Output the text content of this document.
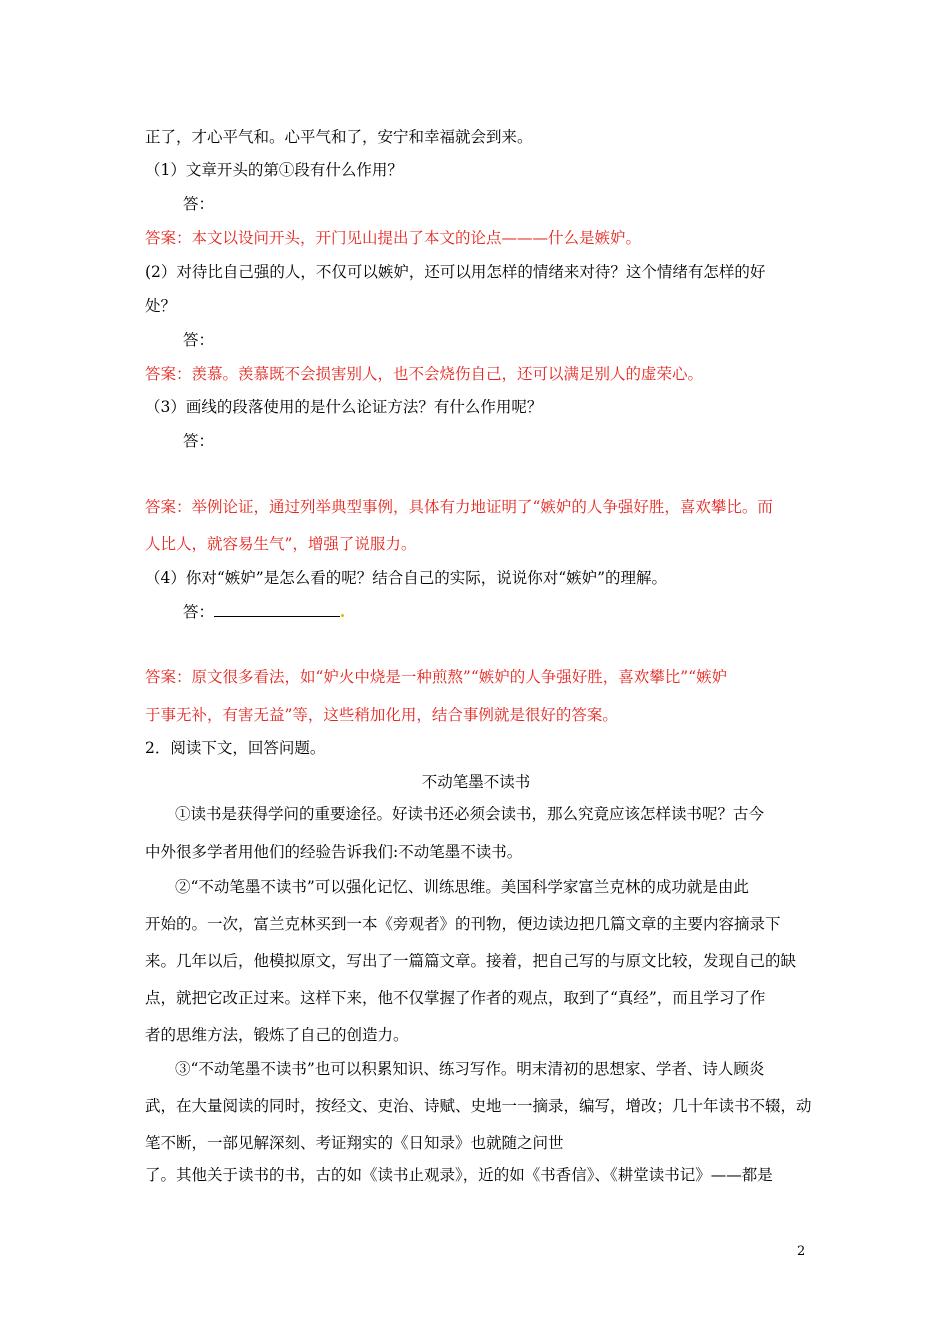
正了，才心平气和。心平气和了，安宁和幸福就会到来。
（1）文章开头的第①段有什么作用？
答：
答案：本文以设问开头，开门见山提出了本文的论点———什么是嫉妒。
(2）对待比自己强的人，不仅可以嫉妒，还可以用怎样的情绪来对待？这个情绪有怎样的好
处？
答：
答案：羡慕。羡慕既不会损害别人，也不会烧伤自己，还可以满足别人的虚荣心。
（3）画线的段落使用的是什么论证方法？有什么作用呢？
答：
答案：举例论证，通过列举典型事例，具体有力地证明了“嫉妒的人争强好胜，喜欢攀比。而
人比人，就容易生气”，增强了说服力。
（4）你对“嫉妒”是怎么看的呢？结合自己的实际，说说你对“嫉妒”的理解。
答：
答案：原文很多看法，如“妒火中烧是一种煎熬”“嫉妒的人争强好胜，喜欢攀比”“嫉妒
于事无补，有害无益”等，这些稍加化用，结合事例就是很好的答案。
2．阅读下文，回答问题。
不动笔墨不读书
①读书是获得学问的重要途径。好读书还必须会读书，那么究竟应该怎样读书呢？古今
中外很多学者用他们的经验告诉我们:不动笔墨不读书。
②“不动笔墨不读书”可以强化记忆、训练思维。美国科学家富兰克林的成功就是由此
开始的。一次，富兰克林买到一本《旁观者》的刊物，便边读边把几篇文章的主要内容摘录下
来。几年以后，他模拟原文，写出了一篇篇文章。接着，把自己写的与原文比较，发现自己的缺
点，就把它改正过来。这样下来，他不仅掌握了作者的观点，取到了“真经”，而且学习了作
者的思维方法，锻炼了自己的创造力。
③“不动笔墨不读书”也可以积累知识、练习写作。明末清初的思想家、学者、诗人顾炎
武，在大量阅读的同时，按经文、吏治、诗赋、史地一一摘录，编写，增改；几十年读书不辍，动
笔不断，一部见解深刻、考证翔实的《日知录》也就随之问世
了。其他关于读书的书，古的如《读书止观录》，近的如《书香信》、《耕堂读书记》——都是
2
